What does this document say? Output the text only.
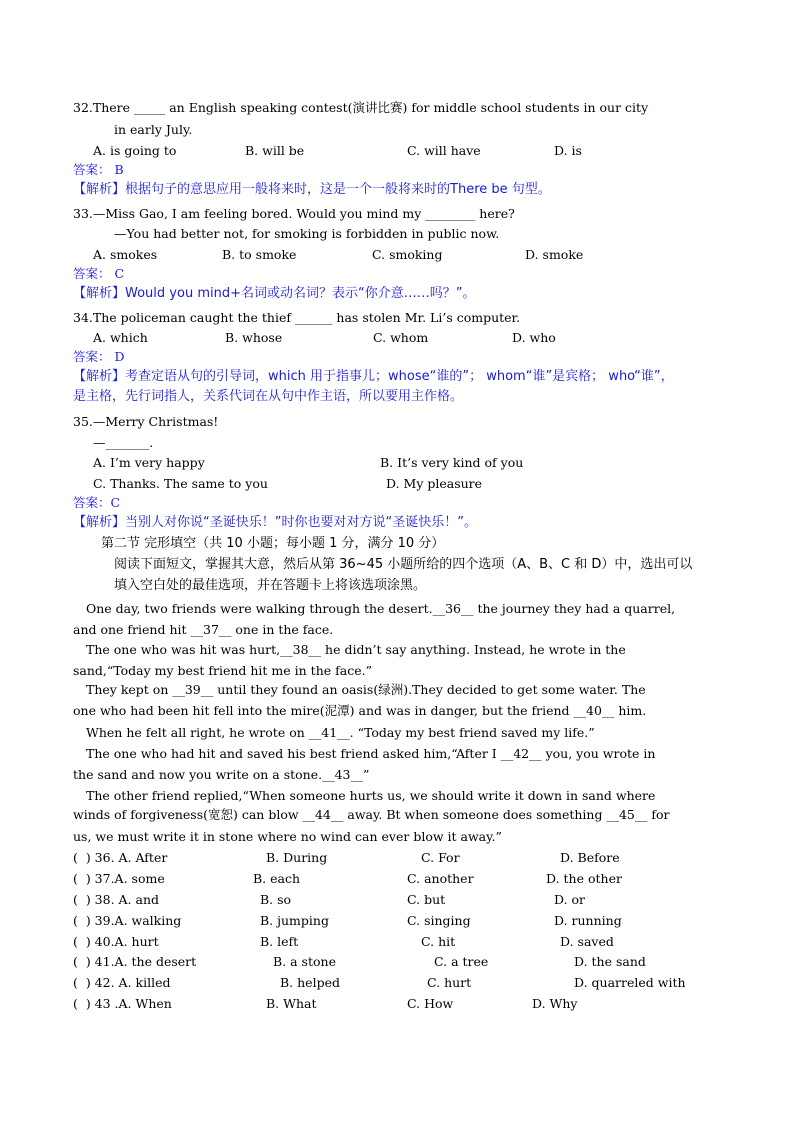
32.There _____ an English speaking contest(演讲比赛) for middle school students in our city
in early July.
A. is going to	B. will be	C. will have	D. is
答案： B
【解析】根据句子的意思应用一般将来时，这是一个一般将来时的There be 句型。
33.—Miss Gao, I am feeling bored. Would you mind my ________ here?
—You had better not, for smoking is forbidden in public now.
A. smokes	B. to smoke	C. smoking	D. smoke
答案： C
【解析】Would you mind+名词或动名词？表示“你介意……吗？”。
34.The policeman caught the thief ______ has stolen Mr. Li’s computer.
A. which	B. whose	C. whom	D. who
答案： D
【解析】考查定语从句的引导词，which 用于指事儿；whose“谁的”； whom“谁”是宾格； who“谁”，
是主格，先行词指人，关系代词在从句中作主语，所以要用主作格。
35.—Merry Christmas!
—_______.
A. I’m very happy	B. It’s very kind of you
C. Thanks. The same to you	D. My pleasure
答案：C
【解析】当别人对你说“圣诞快乐！”时你也要对对方说“圣诞快乐！”。
第二节 完形填空（共 10 小题；每小题 1 分，满分 10 分）
阅读下面短文，掌握其大意，然后从第 36~45 小题所给的四个选项（A、B、C 和 D）中，选出可以
填入空白处的最佳选项，并在答题卡上将该选项涂黑。
One day, two friends were walking through the desert.__36__ the journey they had a quarrel,
and one friend hit __37__ one in the face.
The one who was hit was hurt,__38__ he didn’t say anything. Instead, he wrote in the
sand,“Today my best friend hit me in the face.”
They kept on __39__ until they found an oasis(绿洲).They decided to get some water. The
one who had been hit fell into the mire(泥潭) and was in danger, but the friend __40__ him.
When he felt all right, he wrote on __41__. “Today my best friend saved my life.”
The one who had hit and saved his best friend asked him,“After I __42__ you, you wrote in
the sand and now you write on a stone.__43__”
The other friend replied,“When someone hurts us, we should write it down in sand where
winds of forgiveness(宽恕) can blow __44__ away. Bt when someone does something __45__ for
us, we must write it in stone where no wind can ever blow it away.”
(  ) 36. A. After	B. During	C. For	D. Before
(  ) 37.A. some	B. each	C. another	D. the other
(  ) 38. A. and	B. so	C. but	D. or
(  ) 39.A. walking	B. jumping	C. singing	D. running
(  ) 40.A. hurt	B. left	C. hit	D. saved
(  ) 41.A. the desert	B. a stone	C. a tree	D. the sand
(  ) 42. A. killed	B. helped	C. hurt	D. quarreled with
(  ) 43 .A. When	B. What	C. How	D. Why
